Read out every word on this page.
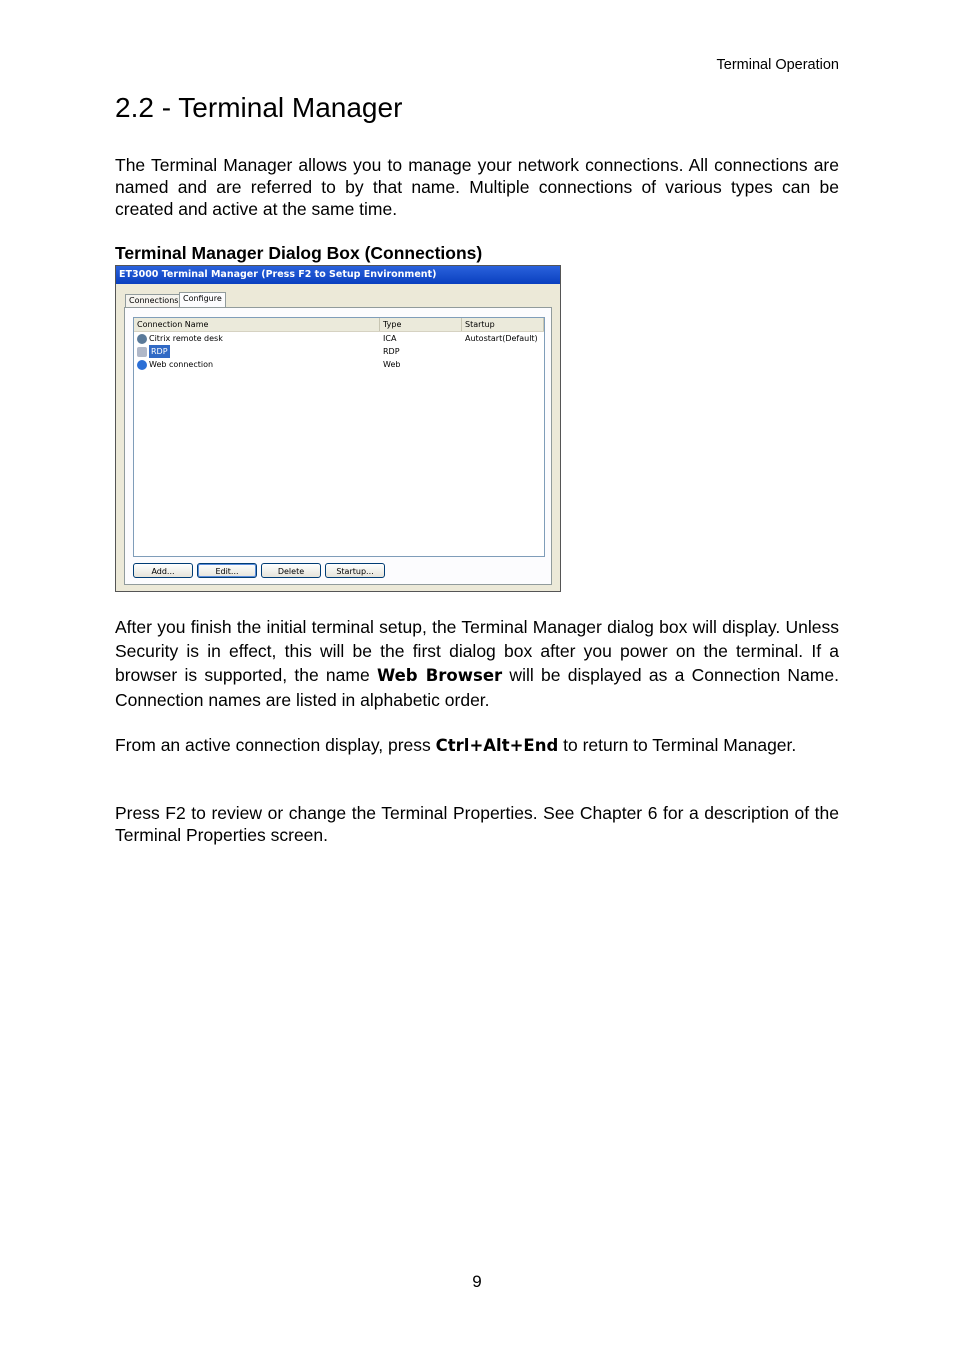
Terminal Operation
2.2 - Terminal Manager

The Terminal Manager allows you to manage your network connections. All connections are named and are referred to by that name. Multiple connections of various types can be created and active at the same time.

Terminal Manager Dialog Box (Connections)
ET3000 Terminal Manager (Press F2 to Setup Environment)
Connections Configure
Connection Name	Type	Startup
Citrix remote desk	ICA	Autostart(Default)
RDP	RDP
Web connection	Web
Add...	Edit...	Delete	Startup...

After you finish the initial terminal setup, the Terminal Manager dialog box will display. Unless Security is in effect, this will be the first dialog box after you power on the terminal. If a browser is supported, the name Web Browser will be displayed as a Connection Name. Connection names are listed in alphabetic order.

From an active connection display, press Ctrl+Alt+End to return to Terminal Manager.

Press F2 to review or change the Terminal Properties. See Chapter 6 for a description of the Terminal Properties screen.

9
